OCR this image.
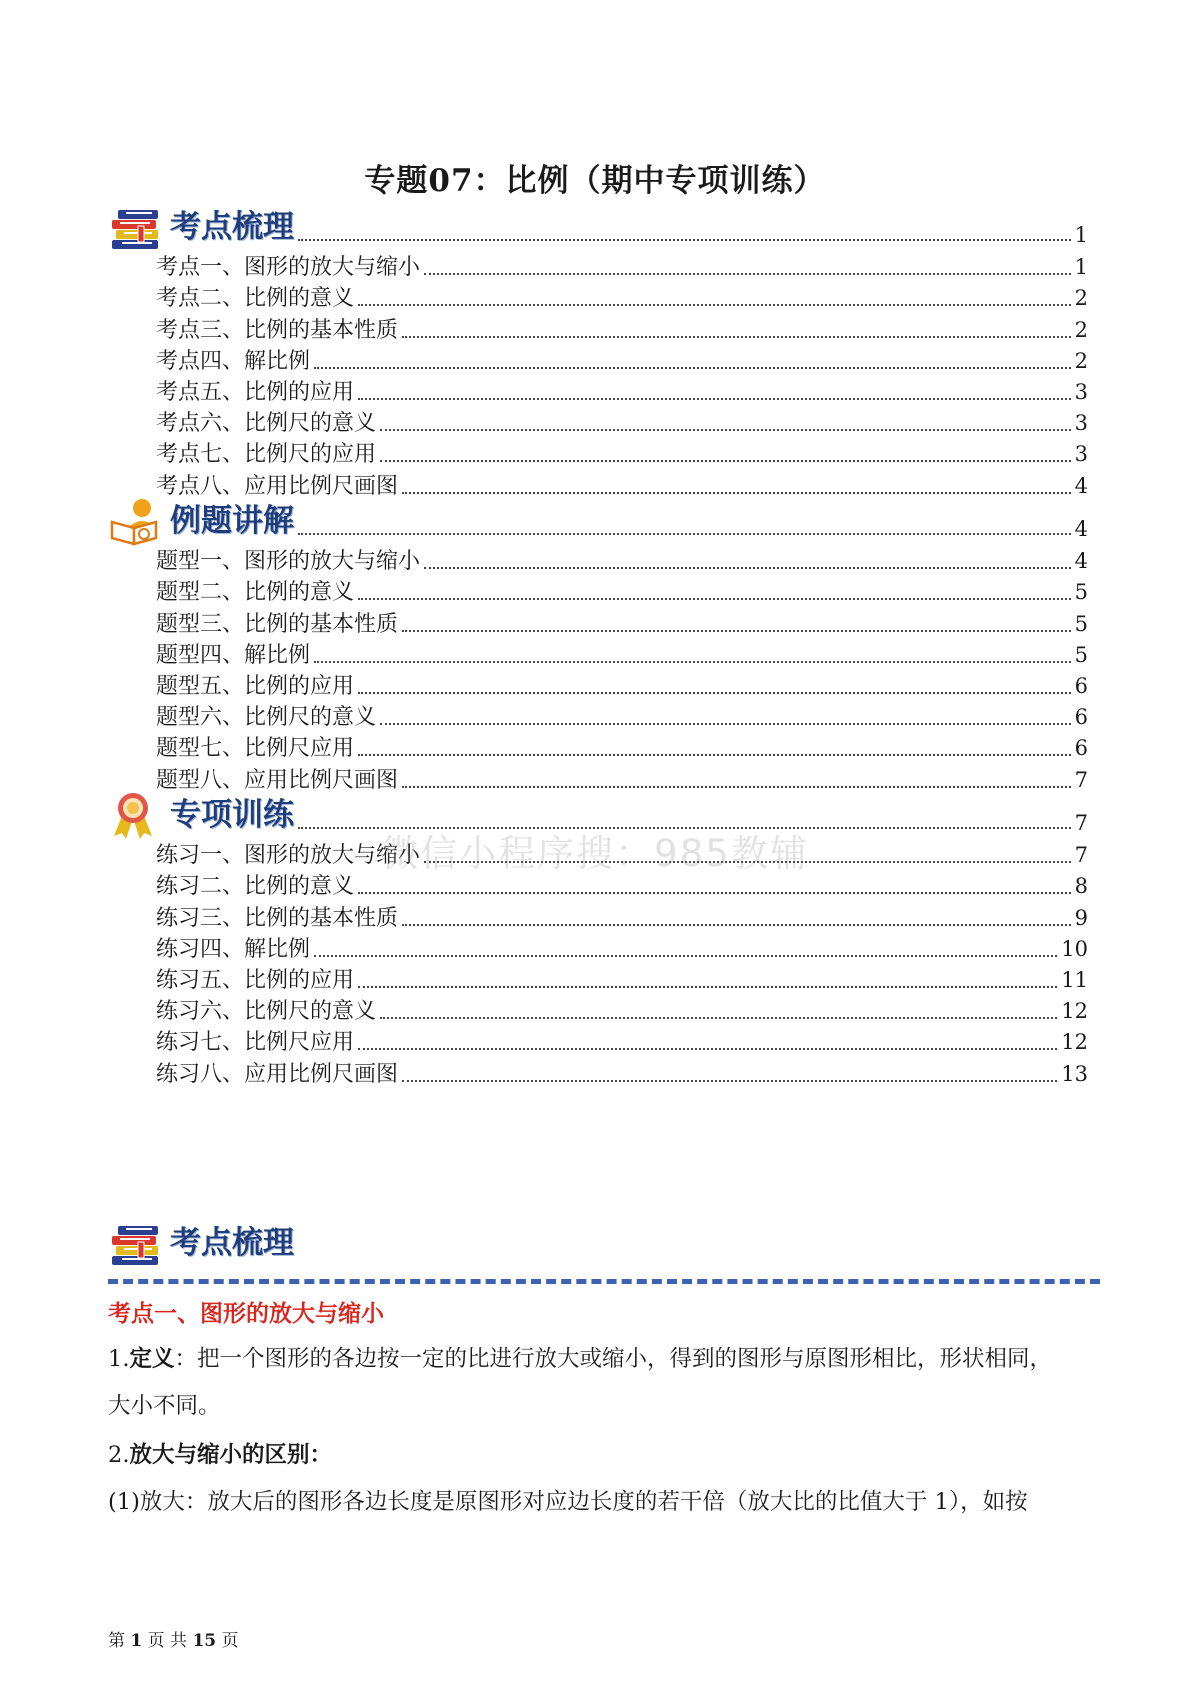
专题07：比例（期中专项训练）
考点梳理	1
考点一、图形的放大与缩小	1
考点二、比例的意义	2
考点三、比例的基本性质	2
考点四、解比例	2
考点五、比例的应用	3
考点六、比例尺的意义	3
考点七、比例尺的应用	3
考点八、应用比例尺画图	4
例题讲解	4
题型一、图形的放大与缩小	4
题型二、比例的意义	5
题型三、比例的基本性质	5
题型四、解比例	5
题型五、比例的应用	6
题型六、比例尺的意义	6
题型七、比例尺应用	6
题型八、应用比例尺画图	7
专项训练	7
练习一、图形的放大与缩小	7
练习二、比例的意义	8
练习三、比例的基本性质	9
练习四、解比例	10
练习五、比例的应用	11
练习六、比例尺的意义	12
练习七、比例尺应用	12
练习八、应用比例尺画图	13
微信小程序搜：985教辅
考点梳理
考点一、图形的放大与缩小
1.定义：把一个图形的各边按一定的比进行放大或缩小，得到的图形与原图形相比，形状相同，
大小不同。
2.放大与缩小的区别：
(1)放大：放大后的图形各边长度是原图形对应边长度的若干倍（放大比的比值大于 1），如按
第 1 页 共 15 页
